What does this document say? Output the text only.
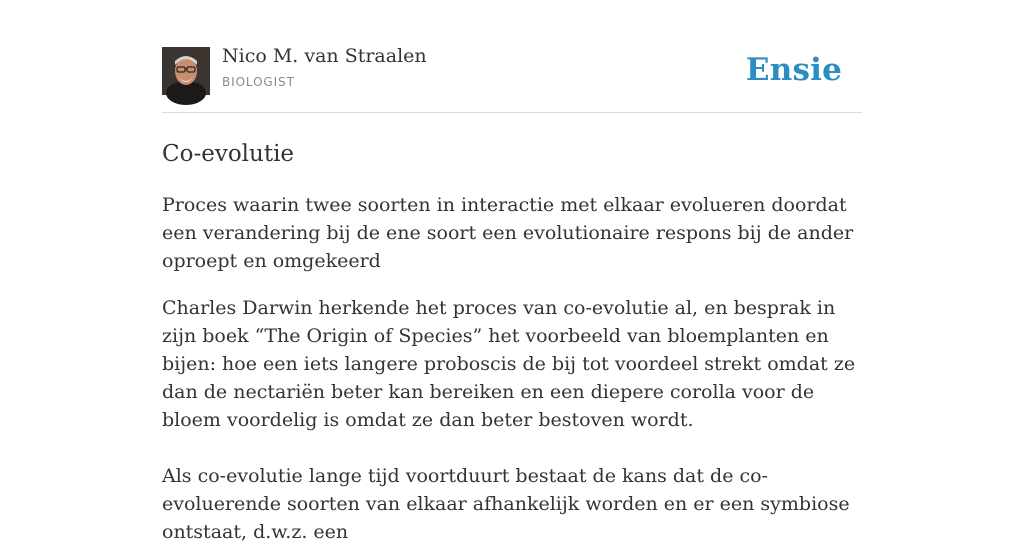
Nico M. van Straalen
BIOLOGIST	Ensie
Co-evolutie
Proces waarin twee soorten in interactie met elkaar evolueren doordat een verandering bij de ene soort een evolutionaire respons bij de ander oproept en omgekeerd

Charles Darwin herkende het proces van co-evolutie al, en besprak in zijn boek “The Origin of Species” het voorbeeld van bloemplanten en bijen: hoe een iets langere proboscis de bij tot voordeel strekt omdat ze dan de nectariën beter kan bereiken en een diepere corolla voor de bloem voordelig is omdat ze dan beter bestoven wordt.

Als co-evolutie lange tijd voortduurt bestaat de kans dat de co-evoluerende soorten van elkaar afhankelijk worden en er een symbiose ontstaat, d.w.z. een
